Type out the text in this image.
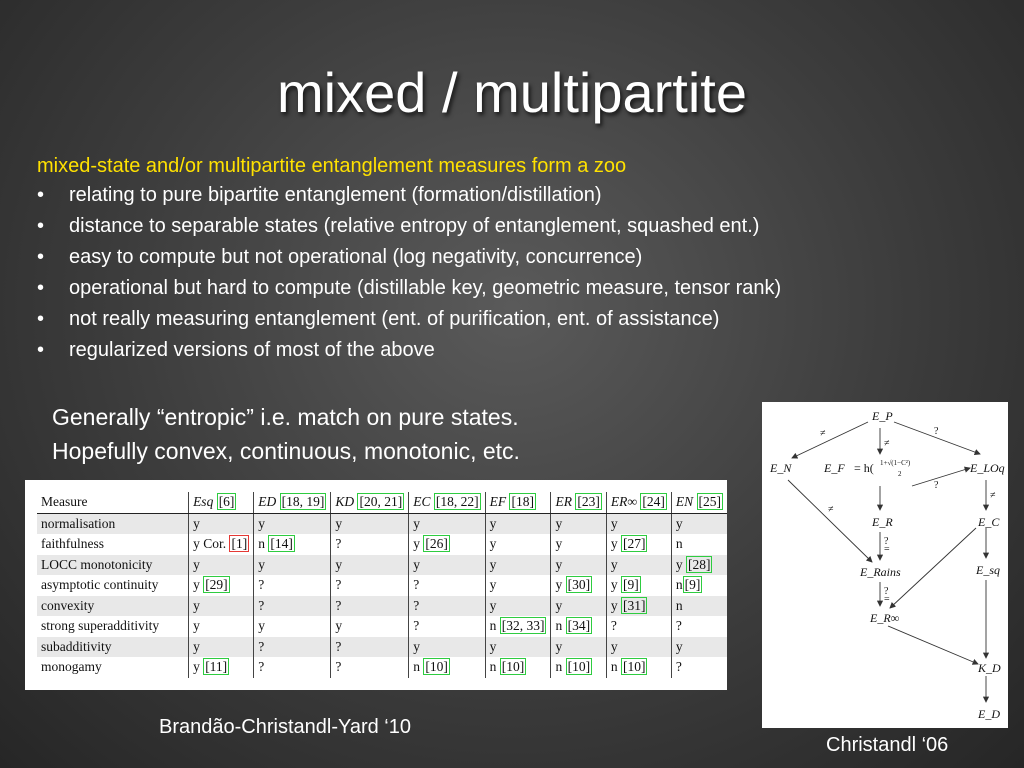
mixed / multipartite
mixed-state and/or multipartite entanglement measures form a zoo
• relating to pure bipartite entanglement (formation/distillation)
• distance to separable states (relative entropy of entanglement, squashed ent.)
• easy to compute but not operational (log negativity, concurrence)
• operational but hard to compute (distillable key, geometric measure, tensor rank)
• not really measuring entanglement (ent. of purification, ent. of assistance)
• regularized versions of most of the above
Generally “entropic” i.e. match on pure states.
Hopefully convex, continuous, monotonic, etc.
Measure	Esq [6]	ED [18, 19]	KD [20, 21]	EC [18, 22]	EF [18]	ER [23]	ER∞ [24]	EN [25]
normalisation	y	y	y	y	y	y	y	y
faithfulness	y Cor. [1]	n [14]	?	y [26]	y	y	y [27]	n
LOCC monotonicity	y	y	y	y	y	y	y	y [28]
asymptotic continuity	y [29]	?	?	?	y	y [30]	y [9]	n [9]
convexity	y	?	?	?	y	y	y [31]	n
strong superadditivity	y	y	y	?	n [32, 33]	n [34]	?	?
subadditivity	y	?	?	y	y	y	y	y
monogamy	y [11]	?	?	n [10]	n [10]	n [10]	n [10]	?
Brandão-Christandl-Yard ‘10
≠
≠
?
?
≠
≠
?
=
?
=
E_P
E_N	E_F = h( 1+√(1−C²)
2	E_LOq
E_R	E_C
E_Rains	E_sq
E_R∞
K_D
E_D
Christandl ‘06
